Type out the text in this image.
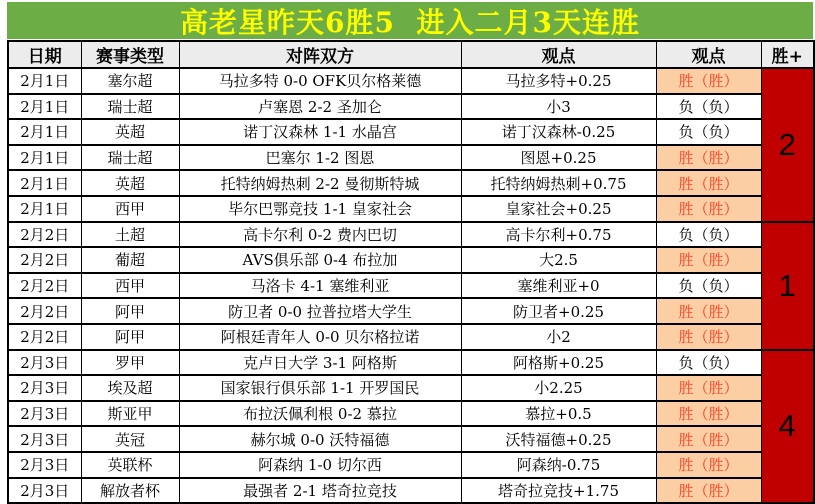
高老星昨天6胜5  进入二月3天连胜
日期	赛事类型	对阵双方	观点	观点	胜+
2月1日	塞尔超	马拉多特 0-0 OFK贝尔格莱德	马拉多特+0.25	胜（胜）	2
2月1日	瑞士超	卢塞恩 2-2 圣加仑	小3	负（负）	
2月1日	英超	诺丁汉森林 1-1 水晶宫	诺丁汉森林-0.25	负（负）	
2月1日	瑞士超	巴塞尔 1-2 图恩	图恩+0.25	胜（胜）	
2月1日	英超	托特纳姆热刺 2-2 曼彻斯特城	托特纳姆热刺+0.75	胜（胜）	
2月1日	西甲	毕尔巴鄂竞技 1-1 皇家社会	皇家社会+0.25	胜（胜）	
2月2日	土超	高卡尔利 0-2 费内巴切	高卡尔利+0.75	负（负）	1
2月2日	葡超	AVS俱乐部 0-4 布拉加	大2.5	胜（胜）	
2月2日	西甲	马洛卡 4-1 塞维利亚	塞维利亚+0	负（负）	
2月2日	阿甲	防卫者 0-0 拉普拉塔大学生	防卫者+0.25	胜（胜）	
2月2日	阿甲	阿根廷青年人 0-0 贝尔格拉诺	小2	胜（胜）	
2月3日	罗甲	克卢日大学 3-1 阿格斯	阿格斯+0.25	负（负）	4
2月3日	埃及超	国家银行俱乐部 1-1 开罗国民	小2.25	胜（胜）	
2月3日	斯亚甲	布拉沃佩利根 0-2 慕拉	慕拉+0.5	胜（胜）	
2月3日	英冠	赫尔城 0-0 沃特福德	沃特福德+0.25	胜（胜）	
2月3日	英联杯	阿森纳 1-0 切尔西	阿森纳-0.75	胜（胜）	
2月3日	解放者杯	最强者 2-1 塔奇拉竞技	塔奇拉竞技+1.75	胜（胜）	
